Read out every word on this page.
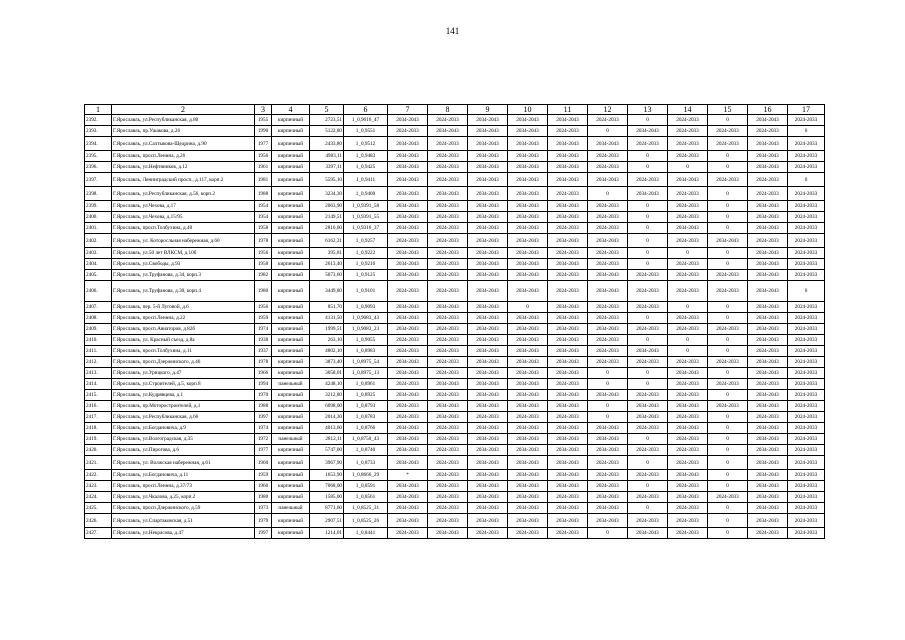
141
1	2	3	4	5	6	7	8	9	10	11	12	13	14	15	16	17
2392.	Г.Ярославль, ул.Республиканская, д.80	1955	кирпичный	2723,51	1_0,9616_47	2034-2043	2024-2033	2034-2043	2034-2043	2034-2043	2024-2033	0	2024-2033	0	2034-2043	2024-2033
2393.	Г.Ярославль, пр.Ушакова, д.26	1990	кирпичный	5122,80	1_0,9551	2024-2033	2034-2043	2034-2043	2034-2043	2024-2033	0	2034-2043	2024-2033	2024-2033	2024-2033	0
2394.	Г.Ярославль, ул.Салтыкова-Щедрина, д.90	1977	кирпичный	2433,80	1_0,9512	2034-2043	2024-2033	2034-2043	2034-2043	2034-2043	2034-2043	2024-2033	2024-2033	2024-2033	2034-2043	2024-2033
2395.	Г.Ярославль, просп.Ленина, д.26	1956	кирпичный	4983,11	1_0,9483	2034-2043	2024-2033	2034-2043	2034-2043	2034-2043	2024-2033	0	2024-2033	0	2034-2043	2024-2033
2396.	Г.Ярославль, ул.Нефтяников, д.12	1961	кирпичный	3397,11	1_0,9425	2034-2043	2024-2033	2034-2043	2034-2043	2034-2043	2024-2033	0	0	0	2034-2043	2024-2033
2397.	Г.Ярославль, Ленинградский просп., д.117, корп.2	1981	кирпичный	5595,10	1_0,9411	2034-2043	2024-2033	2034-2043	2034-2043	2034-2043	2034-2043	2024-2033	2034-2043	2024-2033	2024-2033	0
2398.	Г.Ярославль, ул.Республиканская, д.56, корп.2	1988	кирпичный	3234,30	1_0,9400	2034-2043	2034-2043	2034-2043	2034-2043	2024-2033	0	2034-2043	2024-2033	0	2024-2033	2024-2033
2399.	Г.Ярославль, ул.Чехова, д.17	1954	кирпичный	2063,90	1_0,9391_58	2034-2043	2024-2033	2034-2043	2034-2043	2034-2043	2024-2033	0	2024-2033	0	2034-2043	2024-2033
2400.	Г.Ярославль, ул.Чехова, д.15/95	1954	кирпичный	2149,51	1_0,9391_55	2034-2043	2024-2033	2034-2043	2034-2043	2034-2043	2024-2033	0	2024-2033	0	2034-2043	2024-2033
2401.	Г.Ярославль, просп.Толбухина, д.40	1958	кирпичный	2816,00	1_0,9316_37	2034-2043	2024-2033	2034-2043	2034-2043	2024-2033	2024-2033	0	2034-2043	0	2034-2043	2024-2033
2402.	Г.Ярославль, ул. Которосльная набережная, д.60	1978	кирпичный	6162,31	1_0,9257	2024-2033	2024-2033	2034-2043	2034-2043	2034-2043	2034-2043	0	2024-2033	2034-2043	2024-2033	2024-2033
2403.	Г.Ярославль, ул.50 лет ВЛКСМ, д.10б	1956	кирпичный	395,81	1_0,9222	2034-2043	2024-2033	2034-2043	2034-2043	2024-2033	2024-2033	0	0	0	2034-2043	2024-2033
2404.	Г.Ярославль, ул.Свободы, д.93	1958	кирпичный	2613,40	1_0,9216	2034-2043	2024-2033	2034-2043	2034-2043	2034-2043	2024-2033	0	2024-2033	0	2034-2043	2024-2033
2405.	Г.Ярославль, ул.Труфанова, д.34, корп.3	1982	кирпичный	5073,60	1_0,9125	2034-2043	2024-2033	2034-2043	2034-2043	2024-2033	2034-2043	2024-2033	2024-2033	2024-2033	2034-2043	2024-2033
2406.	Г.Ярославль, ул.Труфанова, д.30, корп.4	1980	кирпичный	3449,80	1_0,9101	2024-2033	2024-2033	2034-2043	2034-2043	2024-2033	2034-2043	2024-2033	2024-2033	2024-2033	2034-2043	0
2407.	Г.Ярославль, пер. 5-й Луговой, д.6	1956	кирпичный	851,70	1_0,9093	2034-2043	2034-2043	2034-2043	0	2034-2043	2024-2033	2024-2033	0	0	2034-2043	2024-2033
2408.	Г.Ярославль, просп.Ленина, д.22	1959	кирпичный	4131,50	1_0,9083_43	2034-2043	2024-2033	2034-2043	2034-2043	2034-2043	2024-2033	0	2024-2033	0	2034-2043	2024-2033
2409.	Г.Ярославль, просп.Авиаторов, д.82б	1974	кирпичный	1999,51	1_0,9083_23	2034-2043	2024-2033	2034-2043	2034-2043	2034-2043	2034-2043	2024-2033	2024-2033	2024-2033	2034-2043	2024-2033
2410.	Г.Ярославль, ул. Красный съезд, д.8а	1938	кирпичный	263,10	1_0,9055	2024-2033	2024-2033	2034-2043	2034-2043	2034-2043	2024-2033	0	0	0	2034-2043	2024-2033
2411.	Г.Ярославль, просп.Толбухина, д.11	1937	кирпичный	4802,10	1_0,8983	2024-2033	2024-2033	2034-2043	2034-2043	2034-2043	2024-2033	2034-2043	0	0	2024-2033	2024-2033
2412.	Г.Ярославль, просп.Дзержинского, д.46	1978	кирпичный	3873,40	1_0,8975_54	2034-2043	2024-2033	2034-2043	2034-2043	2034-2043	2024-2033	2024-2033	2024-2033	2024-2033	2034-2043	2024-2033
2413.	Г.Ярославль, ул.Урицкого, д.47	1966	кирпичный	3058,01	1_0,8975_13	2034-2043	2024-2033	2034-2043	2034-2043	2034-2043	0	0	2034-2043	0	2034-2043	2024-2033
2414.	Г.Ярославль, ул.Строителей, д.5, корп.8	1994	панельный	4248,10	1_0,8961	2024-2033	2034-2043	2034-2043	2034-2043	2024-2033	0	0	2024-2033	2024-2033	2024-2033	2024-2033
2415.	Г.Ярославль, ул.Кудрявцева, д.1	1970	кирпичный	3212,80	1_0,8925	2034-2043	2024-2033	2034-2043	2034-2043	2034-2043	2034-2043	2024-2033	2024-2033	0	2034-2043	2024-2033
2416.	Г.Ярославль, пр.Моторостроителей, д.1	1988	кирпичный	6098,00	1_0,8793	2024-2033	2034-2043	2034-2043	2034-2043	2034-2043	0	2034-2043	2034-2043	2024-2033	2034-2043	2024-2033
2417.	Г.Ярославль, ул.Республиканская, д.66	1997	кирпичный	2014,30	1_0,8783	2024-2033	2034-2043	2024-2033	2024-2033	2024-2033	0	2034-2043	2024-2033	0	2024-2033	2024-2033
2418.	Г.Ярославль, ул.Богдановича, д.9	1974	кирпичный	4013,60	1_0,8766	2034-2043	2024-2033	2034-2043	2034-2043	2034-2043	2034-2043	2024-2033	2034-2043	0	2034-2043	2024-2033
2419.	Г.Ярославль, ул.Волгоградская, д.35	1972	панельный	2812,11	1_0,8750_43	2034-2043	2024-2033	2034-2043	2034-2043	2034-2043	2034-2043	0	2024-2033	0	2034-2043	2024-2033
2420.	Г.Ярославль, ул.Пирогова, д.6	1977	кирпичный	5747,00	1_0,8740	2034-2043	2024-2033	2034-2043	2034-2043	2034-2043	2034-2043	2024-2033	2024-2033	0	2034-2043	2024-2033
2421.	Г.Ярославль, ул. Волжская набережная, д.61	1960	кирпичный	3967,90	1_0,8733	2034-2043	2024-2033	2034-2043	2034-2043	2034-2043	2024-2033	0	2024-2033	0	2034-2043	2024-2033
2422.	Г.Ярославль, ул.Богдановича, д.11	1959	кирпичный	1653,90	1_0,8666_29	*	2024-2033	2034-2043	2034-2043	2034-2043	2024-2033	2024-2033	2034-2043	0	2034-2043	2024-2033
2423.	Г.Ярославль, просп.Ленина, д.37/73	1960	кирпичный	7068,00	1_0,8591	2034-2043	2024-2033	2034-2043	2034-2043	2034-2043	2024-2033	0	2024-2033	0	2034-2043	2024-2033
2424.	Г.Ярославль, ул.Чкалова, д.25, корп.2	1980	кирпичный	1585,00	1_0,8561	2034-2043	2024-2033	2034-2043	2034-2043	2024-2033	2034-2043	2024-2033	2034-2043	2024-2033	2034-2043	2024-2033
2425.	Г.Ярославль, просп.Дзержинского, д.59	1973	панельный	8771,60	1_0,8525_31	2034-2043	2024-2033	2034-2043	2034-2043	2034-2043	2034-2043	0	2024-2033	0	2034-2043	2024-2033
2426.	Г.Ярославль, ул.Спартаковская, д.51	1979	кирпичный	2907,51	1_0,8525_26	2034-2043	2024-2033	2034-2043	2034-2043	2034-2043	2034-2043	2024-2033	2024-2033	0	2034-2043	2024-2033
2427.	Г.Ярославль, ул.Некрасова, д.47	1997	кирпичный	1214,01	1_0,8441	2024-2033	2034-2043	2024-2033	2024-2033	2024-2033	0	2034-2043	2024-2033	0	2024-2033	2024-2033
